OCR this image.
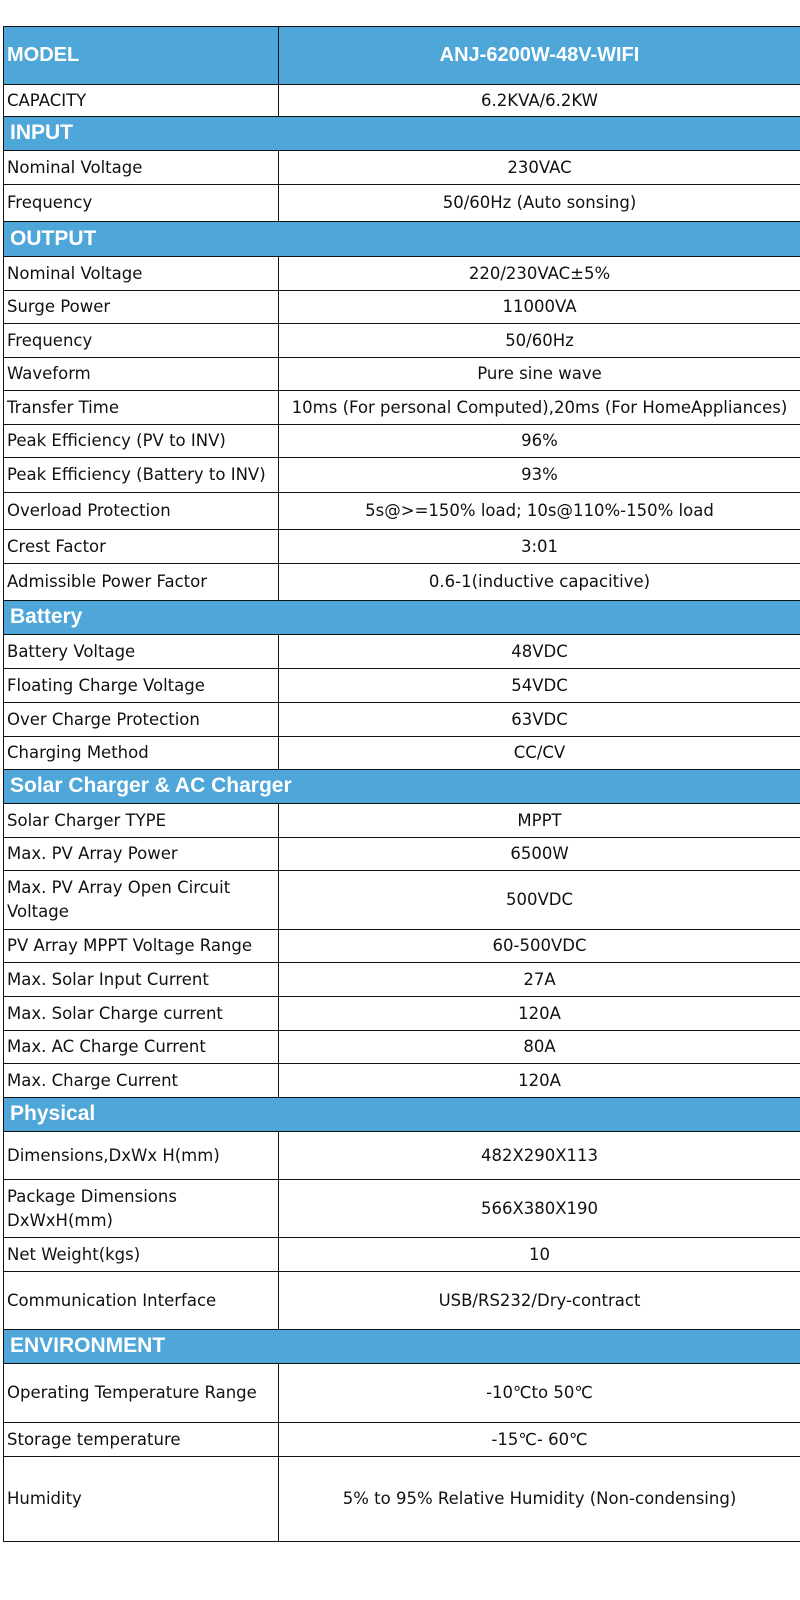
MODEL	ANJ-6200W-48V-WIFI
CAPACITY	6.2KVA/6.2KW
INPUT	
Nominal Voltage	230VAC
Frequency	50/60Hz (Auto sonsing)
OUTPUT	
Nominal Voltage	220/230VAC±5%
Surge Power	11000VA
Frequency	50/60Hz
Waveform	Pure sine wave
Transfer Time	10ms (For personal Computed),20ms (For HomeAppliances)
Peak Efficiency (PV to INV)	96%
Peak Efficiency (Battery to INV)	93%
Overload Protection	5s@>=150% load; 10s@110%-150% load
Crest Factor	3:01
Admissible Power Factor	0.6-1(inductive capacitive)
Battery	
Battery Voltage	48VDC
Floating Charge Voltage	54VDC
Over Charge Protection	63VDC
Charging Method	CC/CV
Solar Charger & AC Charger	
Solar Charger TYPE	MPPT
Max. PV Array Power	6500W
Max. PV Array Open Circuit Voltage	500VDC
PV Array MPPT Voltage Range	60-500VDC
Max. Solar Input Current	27A
Max. Solar Charge current	120A
Max. AC Charge Current	80A
Max. Charge Current	120A
Physical	
Dimensions,DxWx H(mm)	482X290X113
Package Dimensions DxWxH(mm)	566X380X190
Net Weight(kgs)	10
Communication Interface	USB/RS232/Dry-contract
ENVIRONMENT	
Operating Temperature Range	-10℃to 50℃
Storage temperature	-15℃- 60℃
Humidity	5% to 95% Relative Humidity (Non-condensing)
